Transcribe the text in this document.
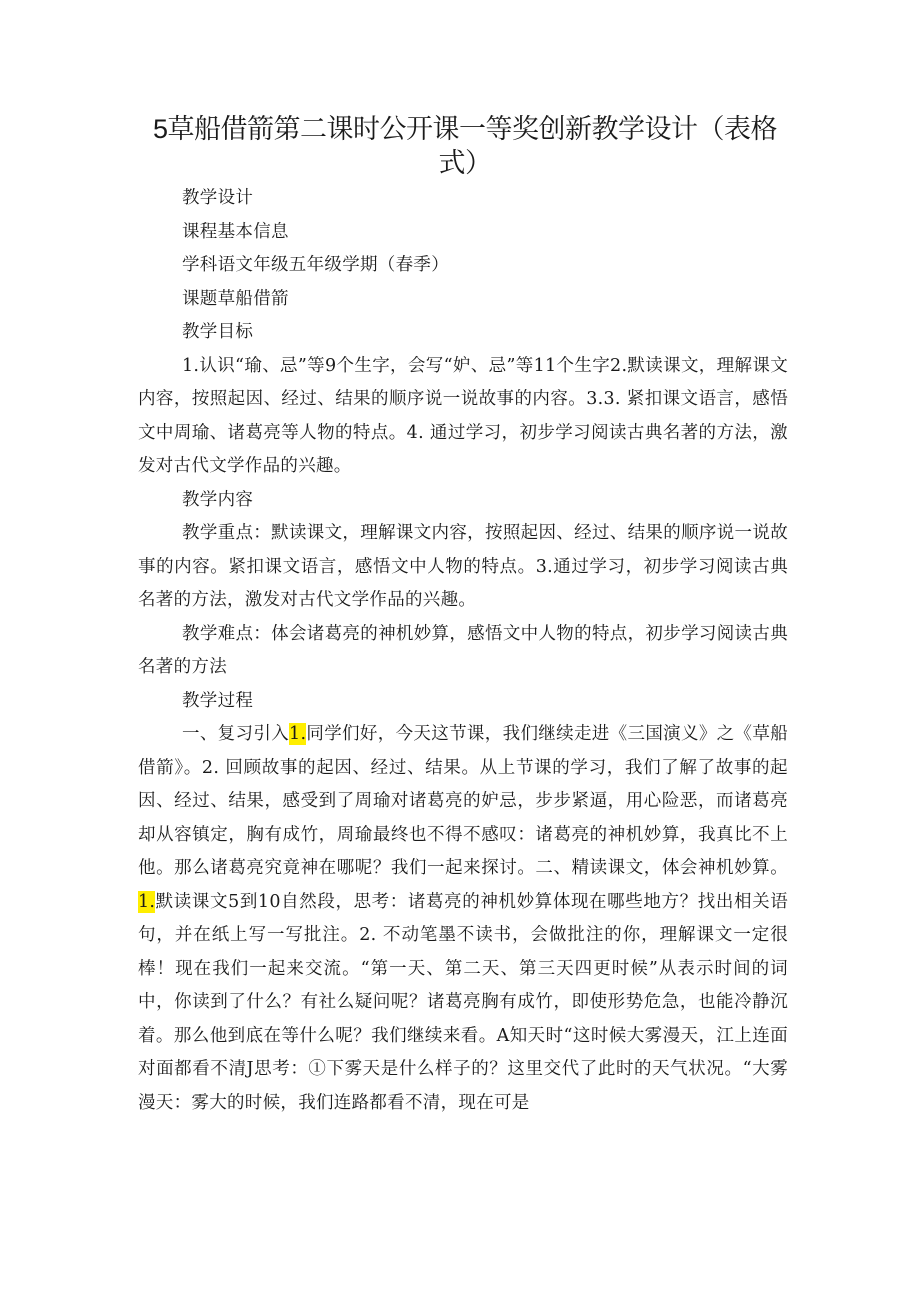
5草船借箭第二课时公开课一等奖创新教学设计（表格式）

教学设计

课程基本信息

学科语文年级五年级学期（春季）

课题草船借箭

教学目标

1.认识“瑜、忌”等9个生字，会写“妒、忌”等11个生字2.默读课文，理解课文内容，按照起因、经过、结果的顺序说一说故事的内容。3.3. 紧扣课文语言，感悟文中周瑜、诸葛亮等人物的特点。4. 通过学习，初步学习阅读古典名著的方法，激发对古代文学作品的兴趣。

教学内容

教学重点：默读课文，理解课文内容，按照起因、经过、结果的顺序说一说故事的内容。紧扣课文语言，感悟文中人物的特点。3.通过学习，初步学习阅读古典名著的方法，激发对古代文学作品的兴趣。

教学难点：体会诸葛亮的神机妙算，感悟文中人物的特点，初步学习阅读古典名著的方法

教学过程

一、复习引入1.同学们好，今天这节课，我们继续走进《三国演义》之《草船借箭》。2. 回顾故事的起因、经过、结果。从上节课的学习，我们了解了故事的起因、经过、结果，感受到了周瑜对诸葛亮的妒忌，步步紧逼，用心险恶，而诸葛亮却从容镇定，胸有成竹，周瑜最终也不得不感叹：诸葛亮的神机妙算，我真比不上他。那么诸葛亮究竟神在哪呢？我们一起来探讨。二、精读课文，体会神机妙算。1.默读课文5到10自然段，思考：诸葛亮的神机妙算体现在哪些地方？找出相关语句，并在纸上写一写批注。2. 不动笔墨不读书，会做批注的你，理解课文一定很棒！现在我们一起来交流。“第一天、第二天、第三天四更时候”从表示时间的词中，你读到了什么？有社么疑问呢？诸葛亮胸有成竹，即使形势危急，也能冷静沉着。那么他到底在等什么呢？我们继续来看。A知天时“这时候大雾漫天，江上连面对面都看不清J思考：①下雾天是什么样子的？这里交代了此时的天气状况。“大雾漫天：雾大的时候，我们连路都看不清，现在可是
